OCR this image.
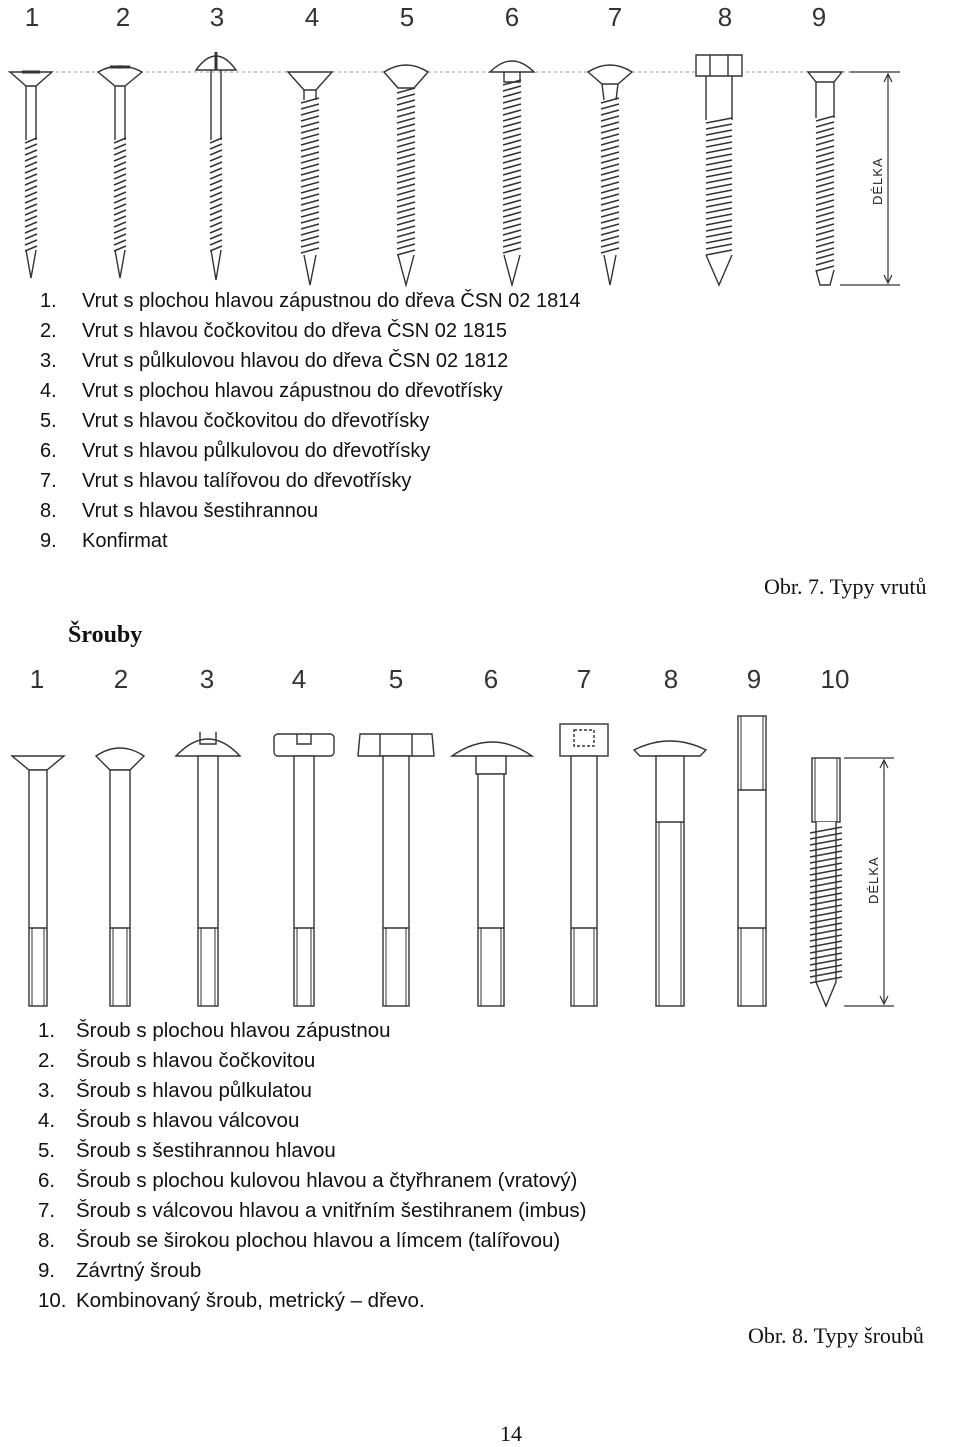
1	2	3	4	5	6	7	8	9
DÉLKA
1.	Vrut s plochou hlavou zápustnou do dřeva ČSN 02 1814
2.	Vrut s hlavou čočkovitou do dřeva ČSN 02 1815
3.	Vrut s půlkulovou hlavou do dřeva ČSN 02 1812
4.	Vrut s plochou hlavou zápustnou do dřevotřísky
5.	Vrut s hlavou čočkovitou do dřevotřísky
6.	Vrut s hlavou půlkulovou do dřevotřísky
7.	Vrut s hlavou talířovou do dřevotřísky
8.	Vrut s hlavou šestihrannou
9.	Konfirmat
Obr. 7. Typy vrutů
Šrouby
1	2	3	4	5	6	7	8	9 10
DÉLKA
1.	Šroub s plochou hlavou zápustnou
2.	Šroub s hlavou čočkovitou
3.	Šroub s hlavou půlkulatou
4.	Šroub s hlavou válcovou
5.	Šroub s šestihrannou hlavou
6.	Šroub s plochou kulovou hlavou a čtyřhranem (vratový)
7.	Šroub s válcovou hlavou a vnitřním šestihranem (imbus)
8.	Šroub se širokou plochou hlavou a límcem (talířovou)
9.	Závrtný šroub
10. Kombinovaný šroub, metrický – dřevo.
Obr. 8. Typy šroubů
14
